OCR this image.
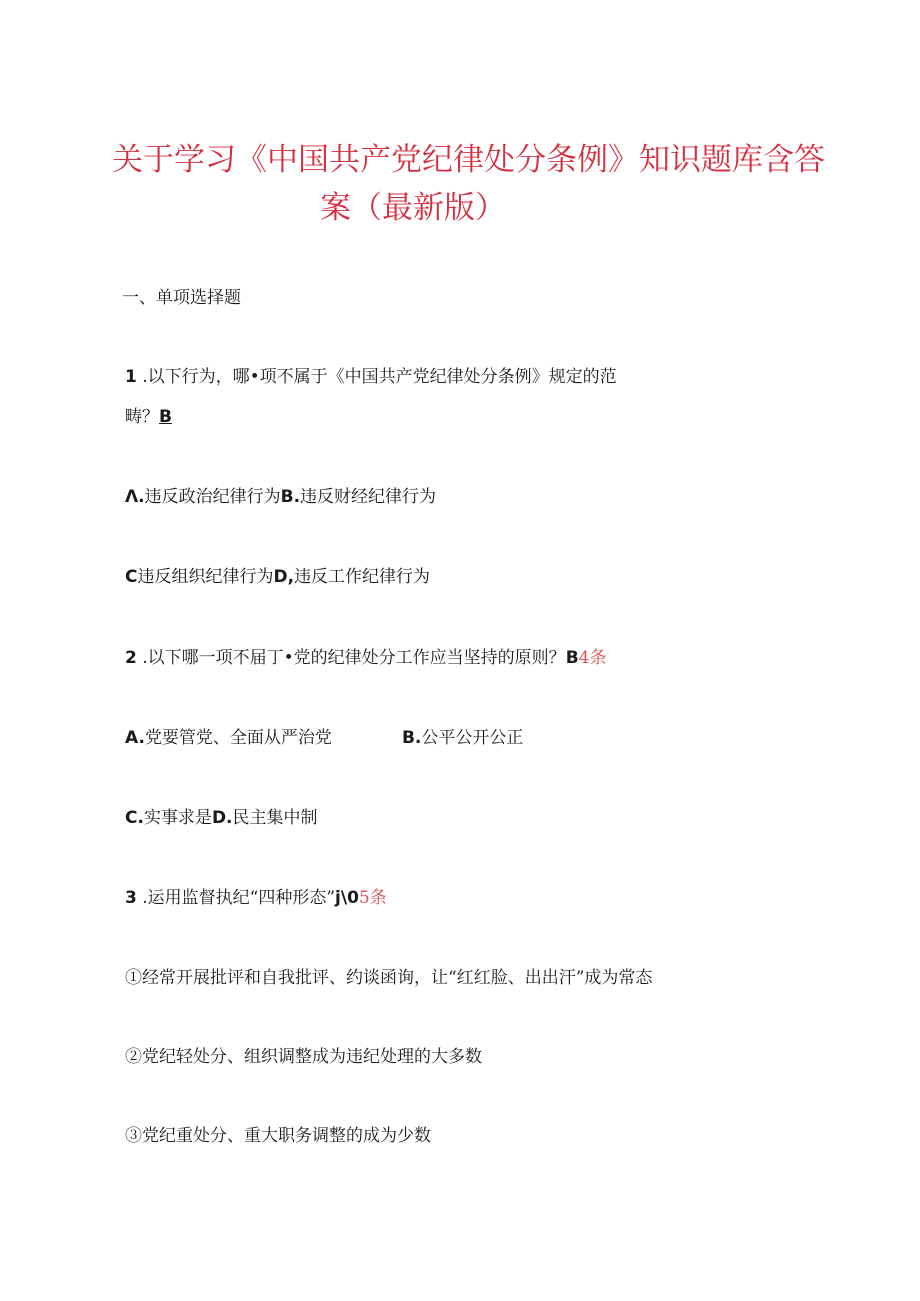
关于学习《中国共产党纪律处分条例》知识题库含答
案（最新版）
一、单项选择题
1 .以下行为，哪•项不属于《中国共产党纪律处分条例》规定的范
畴？B
Λ.违反政治纪律行为B.违反财经纪律行为
C违反组织纪律行为D,违反工作纪律行为
2 .以下哪一项不届丁•党的纪律处分工作应当坚持的原则？B4条
A.党要管党、全面从严治党	B.公平公开公正
C.实事求是D.民主集中制
3 .运用监督执纪“四种形态”j\05条
①经常开展批评和自我批评、约谈函询，让“红红脸、出出汗”成为常态
②党纪轻处分、组织调整成为违纪处理的大多数
③党纪重处分、重大职务调整的成为少数
